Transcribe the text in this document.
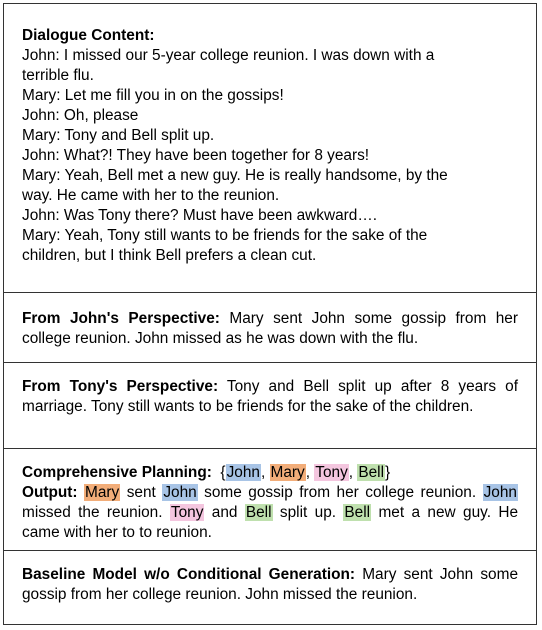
Dialogue Content:
John: I missed our 5-year college reunion. I was down with a
terrible flu.
Mary: Let me fill you in on the gossips!
John: Oh, please
Mary: Tony and Bell split up.
John: What?! They have been together for 8 years!
Mary: Yeah, Bell met a new guy. He is really handsome, by the
way. He came with her to the reunion.
John: Was Tony there? Must have been awkward….
Mary: Yeah, Tony still wants to be friends for the sake of the
children, but I think Bell prefers a clean cut.
From John's Perspective: Mary sent John some gossip from her college reunion. John missed as he was down with the flu.
From Tony's Perspective: Tony and Bell split up after 8 years of marriage. Tony still wants to be friends for the sake of the children.
Comprehensive Planning: {John, Mary, Tony, Bell}
Output: Mary sent John some gossip from her college reunion. John missed the reunion. Tony and Bell split up. Bell met a new guy. He came with her to to reunion.
Baseline Model w/o Conditional Generation: Mary sent John some gossip from her college reunion. John missed the reunion.
